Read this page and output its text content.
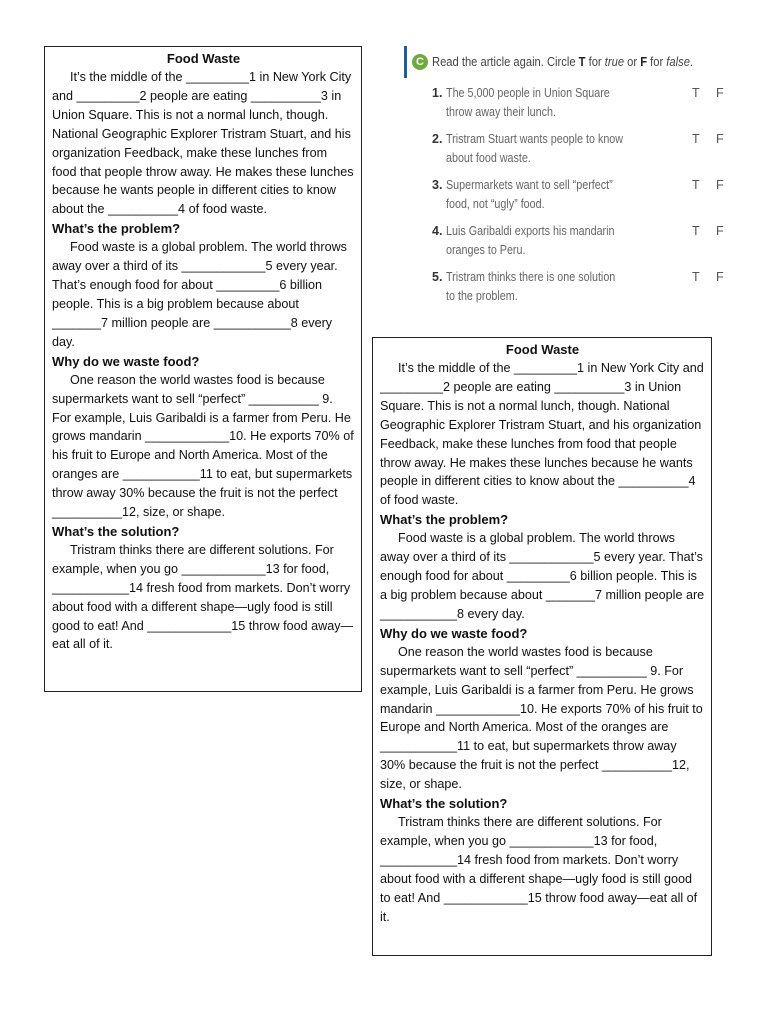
Food Waste

It’s the middle of the _________1 in New York City and _________2 people are eating __________3 in Union Square. This is not a normal lunch, though. National Geographic Explorer Tristram Stuart, and his organization Feedback, make these lunches from food that people throw away. He makes these lunches because he wants people in different cities to know about the __________4 of food waste.

What’s the problem?

Food waste is a global problem. The world throws away over a third of its ____________5 every year. That’s enough food for about _________6 billion people. This is a big problem because about _______7 million people are ___________8 every day.

Why do we waste food?

One reason the world wastes food is because supermarkets want to sell “perfect” __________ 9. For example, Luis Garibaldi is a farmer from Peru. He grows mandarin ____________10. He exports 70% of his fruit to Europe and North America. Most of the oranges are ___________11 to eat, but supermarkets throw away 30% because the fruit is not the perfect __________12, size, or shape.

What’s the solution?

Tristram thinks there are different solutions. For example, when you go ____________13 for food, ___________14 fresh food from markets. Don’t worry about food with a different shape—ugly food is still good to eat! And ____________15 throw food away—eat all of it.

C Read the article again. Circle T for true or F for false.
1. The 5,000 people in Union Square
throw away their lunch.
T F
2. Tristram Stuart wants people to know
about food waste.
T F
3. Supermarkets want to sell “perfect”
food, not “ugly” food.
T F
4. Luis Garibaldi exports his mandarin
oranges to Peru.
T F
5. Tristram thinks there is one solution
to the problem.
T F
Food Waste

It’s the middle of the _________1 in New York City and _________2 people are eating __________3 in Union Square. This is not a normal lunch, though. National Geographic Explorer Tristram Stuart, and his organization Feedback, make these lunches from food that people throw away. He makes these lunches because he wants people in different cities to know about the __________4 of food waste.

What’s the problem?

Food waste is a global problem. The world throws away over a third of its ____________5 every year. That’s enough food for about _________6 billion people. This is a big problem because about _______7 million people are ___________8 every day.

Why do we waste food?

One reason the world wastes food is because supermarkets want to sell “perfect” __________ 9. For example, Luis Garibaldi is a farmer from Peru. He grows mandarin ____________10. He exports 70% of his fruit to Europe and North America. Most of the oranges are ___________11 to eat, but supermarkets throw away 30% because the fruit is not the perfect __________12, size, or shape.

What’s the solution?

Tristram thinks there are different solutions. For example, when you go ____________13 for food, ___________14 fresh food from markets. Don’t worry about food with a different shape—ugly food is still good to eat! And ____________15 throw food away—eat all of it.
